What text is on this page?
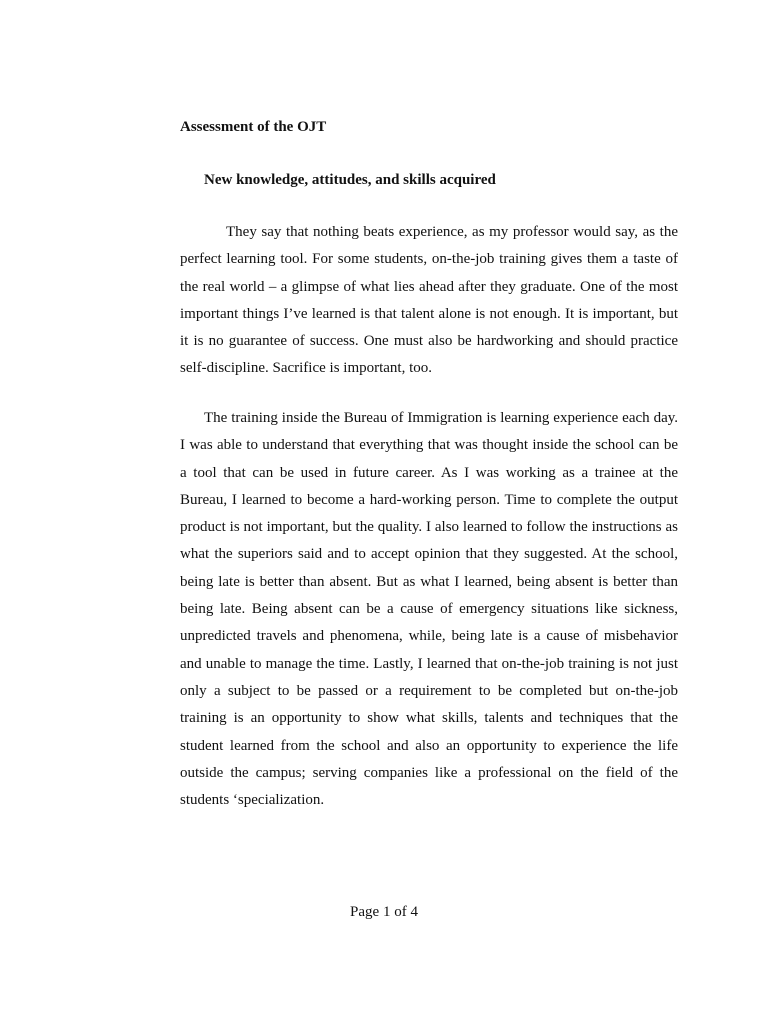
Assessment of the OJT

New knowledge, attitudes, and skills acquired

They say that nothing beats experience, as my professor would say, as the perfect learning tool. For some students, on-the-job training gives them a taste of the real world – a glimpse of what lies ahead after they graduate. One of the most important things I’ve learned is that talent alone is not enough. It is important, but it is no guarantee of success. One must also be hardworking and should practice self-discipline. Sacrifice is important, too.

The training inside the Bureau of Immigration is learning experience each day. I was able to understand that everything that was thought inside the school can be a tool that can be used in future career. As I was working as a trainee at the Bureau, I learned to become a hard-working person. Time to complete the output product is not important, but the quality. I also learned to follow the instructions as what the superiors said and to accept opinion that they suggested. At the school, being late is better than absent. But as what I learned, being absent is better than being late. Being absent can be a cause of emergency situations like sickness, unpredicted travels and phenomena, while, being late is a cause of misbehavior and unable to manage the time. Lastly, I learned that on-the-job training is not just only a subject to be passed or a requirement to be completed but on-the-job training is an opportunity to show what skills, talents and techniques that the student learned from the school and also an opportunity to experience the life outside the campus; serving companies like a professional on the field of the students ‘specialization.

Page 1 of 4
